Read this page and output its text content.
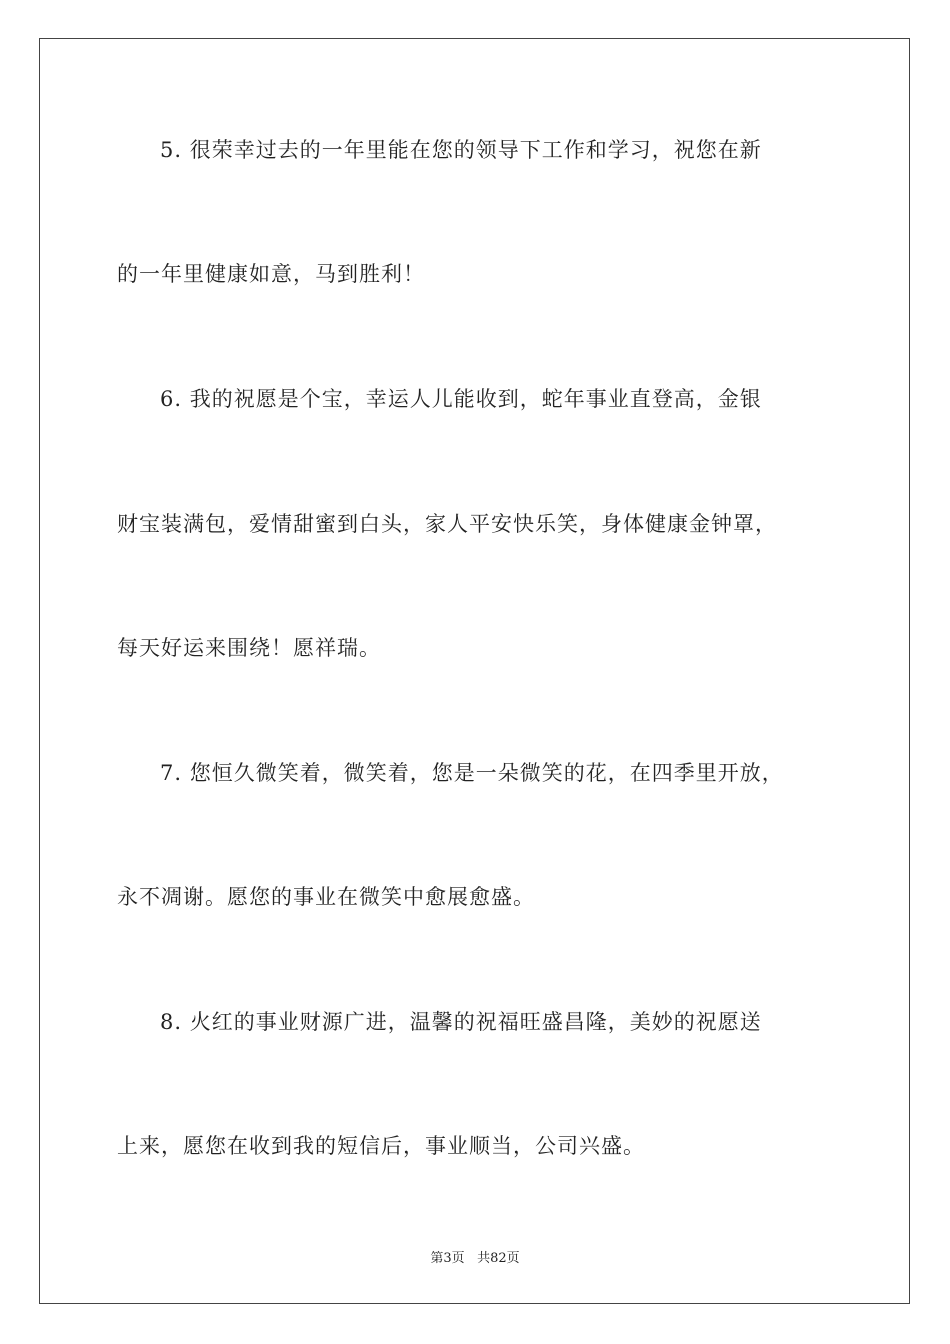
5. 很荣幸过去的一年里能在您的领导下工作和学习，祝您在新
的一年里健康如意，马到胜利！
6. 我的祝愿是个宝，幸运人儿能收到，蛇年事业直登高，金银
财宝装满包，爱情甜蜜到白头，家人平安快乐笑，身体健康金钟罩，
每天好运来围绕！愿祥瑞。
7. 您恒久微笑着，微笑着，您是一朵微笑的花，在四季里开放，
永不凋谢。愿您的事业在微笑中愈展愈盛。
8. 火红的事业财源广进，温馨的祝福旺盛昌隆，美妙的祝愿送
上来，愿您在收到我的短信后，事业顺当，公司兴盛。
第3页 共82页
